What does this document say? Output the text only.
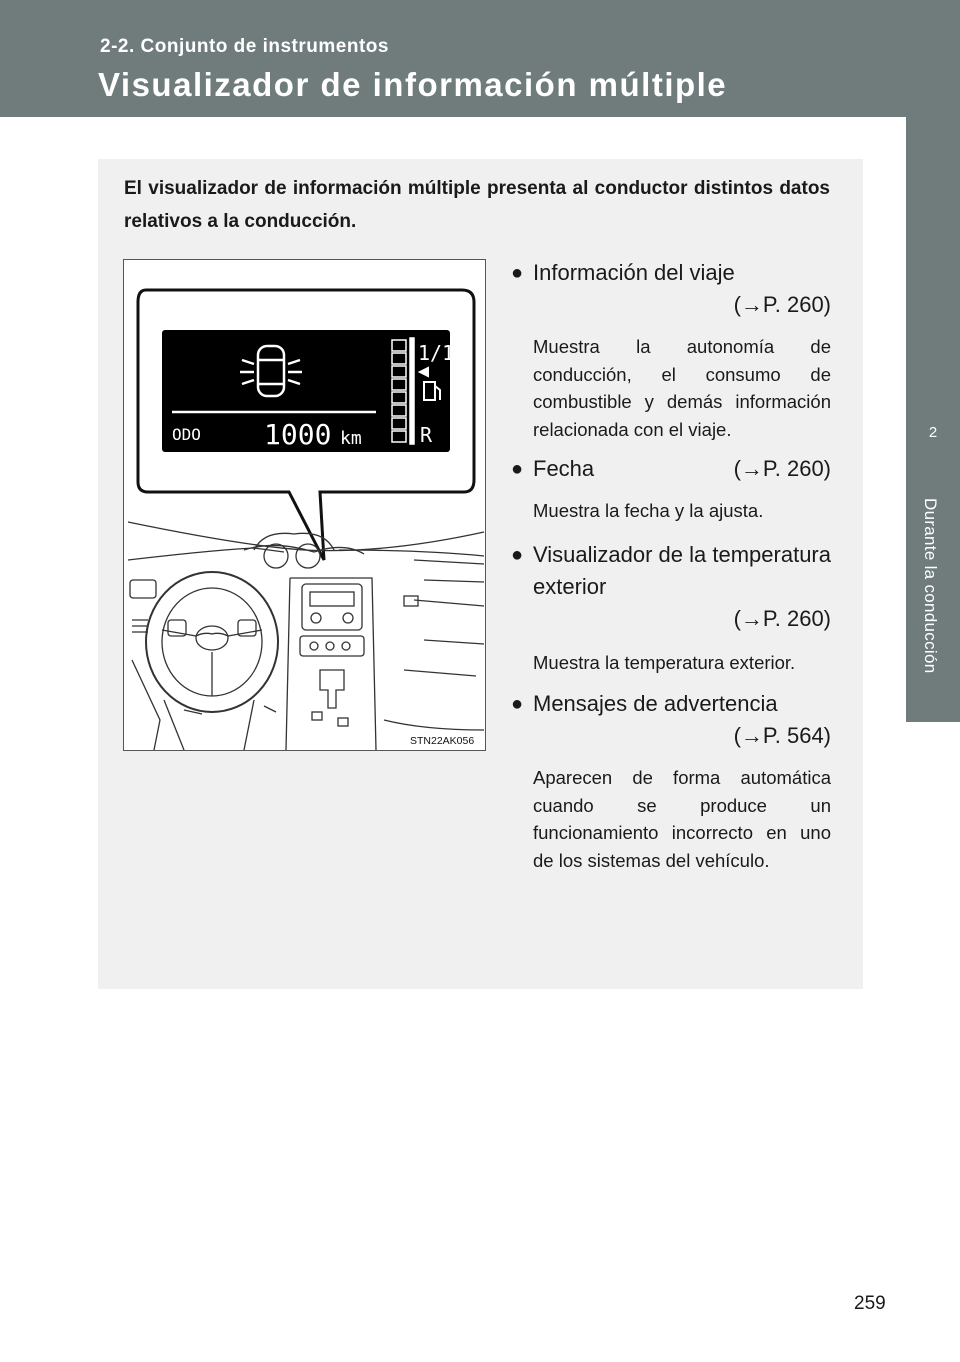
2-2. Conjunto de instrumentos
Visualizador de información múltiple
2
Durante la conducción
El visualizador de información múltiple presenta al conductor distintos datos relativos a la conducción.
1/1
R
ODO 1000 km
STN22AK056
● Información del viaje
(→P. 260)
Muestra la autonomía de conducción, el consumo de combustible y demás información relacionada con el viaje.
● Fecha	(→P. 260)
Muestra la fecha y la ajusta.
● Visualizador de la temperatura exterior
(→P. 260)
Muestra la temperatura exterior.
● Mensajes de advertencia
(→P. 564)
Aparecen de forma automática cuando se produce un funcionamiento incorrecto en uno de los sistemas del vehículo.
259
